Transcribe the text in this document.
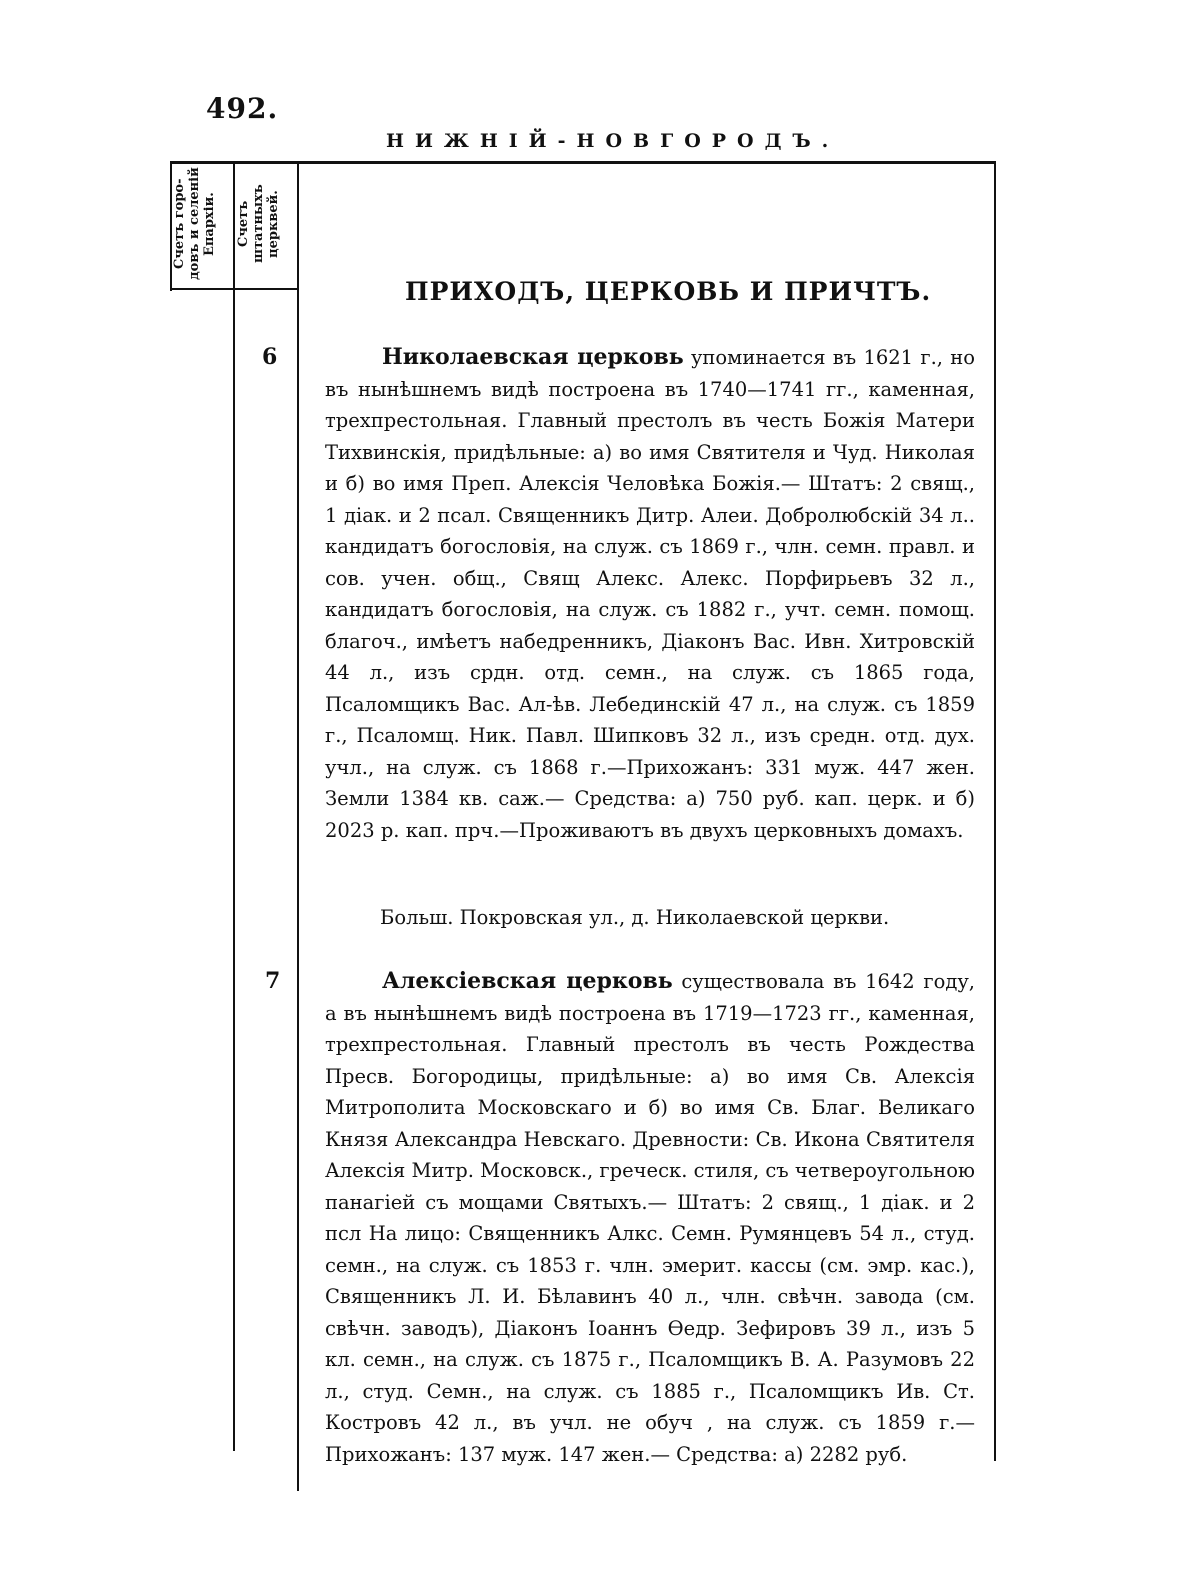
492.
НИЖНІЙ-НОВГОРОДЪ.
Счетъ горо-
довъ и селеній
Епархіи.	Счетъ
штатныхъ
церквей.
ПРИХОДЪ, ЦЕРКОВЬ И ПРИЧТЪ.
6	Николаевская церковь упоминается въ 1621 г., но въ нынѣшнемъ видѣ построена въ 1740—1741 гг., каменная, трехпрестольная. Главный престолъ въ честь Божія Матери Тихвинскія, придѣльные: а) во имя Святителя и Чуд. Николая и б) во имя Преп. Алексія Человѣка Божія.— Штатъ: 2 свящ., 1 діак. и 2 псал. Священникъ Дитр. Алеи. Добролюбскій 34 л.. кандидатъ богословія, на служ. съ 1869 г., члн. семн. правл. и сов. учен. общ., Свящ Алекс. Алекс. Порфирьевъ 32 л., кандидатъ богословія, на служ. съ 1882 г., учт. семн. помощ. благоч., имѣетъ набедренникъ, Діаконъ Вас. Ивн. Хитровскій 44 л., изъ срдн. отд. семн., на служ. съ 1865 года, Псаломщикъ Вас. Ал-ѣв. Лебединскій 47 л., на служ. съ 1859 г., Псаломщ. Ник. Павл. Шипковъ 32 л., изъ средн. отд. дух. учл., на служ. съ 1868 г.—Прихожанъ: 331 муж. 447 жен. Земли 1384 кв. саж.— Средства: а) 750 руб. кап. церк. и б) 2023 р. кап. прч.—Проживаютъ въ двухъ церковныхъ домахъ.

Больш. Покровская ул., д. Николаевской церкви.
7	Алексіевская церковь существовала въ 1642 году, а въ нынѣшнемъ видѣ построена въ 1719—1723 гг., каменная, трехпрестольная. Главный престолъ въ честь Рождества Пресв. Богородицы, придѣльные: а) во имя Св. Алексія Митрополита Московскаго и б) во имя Св. Благ. Великаго Князя Александра Невскаго. Древности: Св. Икона Святителя Алексія Митр. Московск., греческ. стиля, съ четвероугольною панагіей съ мощами Святыхъ.— Штатъ: 2 свящ., 1 діак. и 2 псл На лицо: Священникъ Алкс. Семн. Румянцевъ 54 л., студ. семн., на служ. съ 1853 г. члн. эмерит. кассы (см. эмр. кас.), Священникъ Л. И. Бѣлавинъ 40 л., члн. свѣчн. завода (см. свѣчн. заводъ), Діаконъ Іоаннъ Ѳедр. Зефировъ 39 л., изъ 5 кл. семн., на служ. съ 1875 г., Псаломщикъ В. А. Разумовъ 22 л., студ. Семн., на служ. съ 1885 г., Псаломщикъ Ив. Ст. Костровъ 42 л., въ учл. не обуч , на служ. съ 1859 г.— Прихожанъ: 137 муж. 147 жен.— Средства: а) 2282 руб.
